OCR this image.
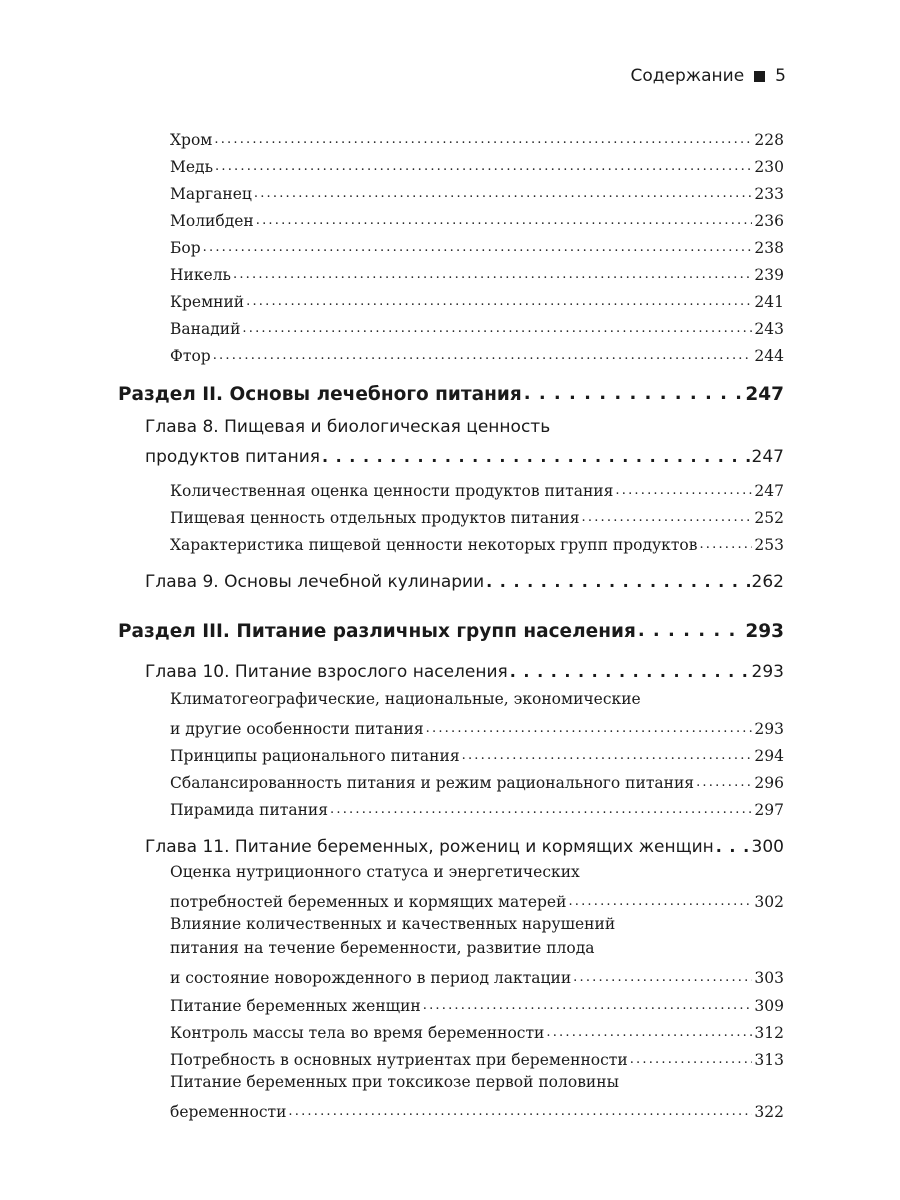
Содержание 5
Хром .....	228
Медь .....	230
Марганец .....	233
Молибден .....	236
Бор .....	238
Никель .....	239
Кремний .....	241
Ванадий .....	243
Фтор .....	244
Раздел II. Основы лечебного питания . . .	247
Глава 8. Пищевая и биологическая ценность
продуктов питания . . .	247
Количественная оценка ценности продуктов питания .....	247
Пищевая ценность отдельных продуктов питания .....	252
Характеристика пищевой ценности некоторых групп продуктов .....	253
Глава 9. Основы лечебной кулинарии . . .	262
Раздел III. Питание различных групп населения . . .	293
Глава 10. Питание взрослого населения . . .	293
Климатогеографические, национальные, экономические
и другие особенности питания .....	293
Принципы рационального питания .....	294
Сбалансированность питания и режим рационального питания .....	296
Пирамида питания .....	297
Глава 11. Питание беременных, рожениц и кормящих женщин . . . 300
Оценка нутриционного статуса и энергетических
потребностей беременных и кормящих матерей .....	302
Влияние количественных и качественных нарушений
питания на течение беременности, развитие плода
и состояние новорожденного в период лактации .....	303
Питание беременных женщин .....	309
Контроль массы тела во время беременности .....	312
Потребность в основных нутриентах при беременности .....	313
Питание беременных при токсикозе первой половины
беременности .....	322
